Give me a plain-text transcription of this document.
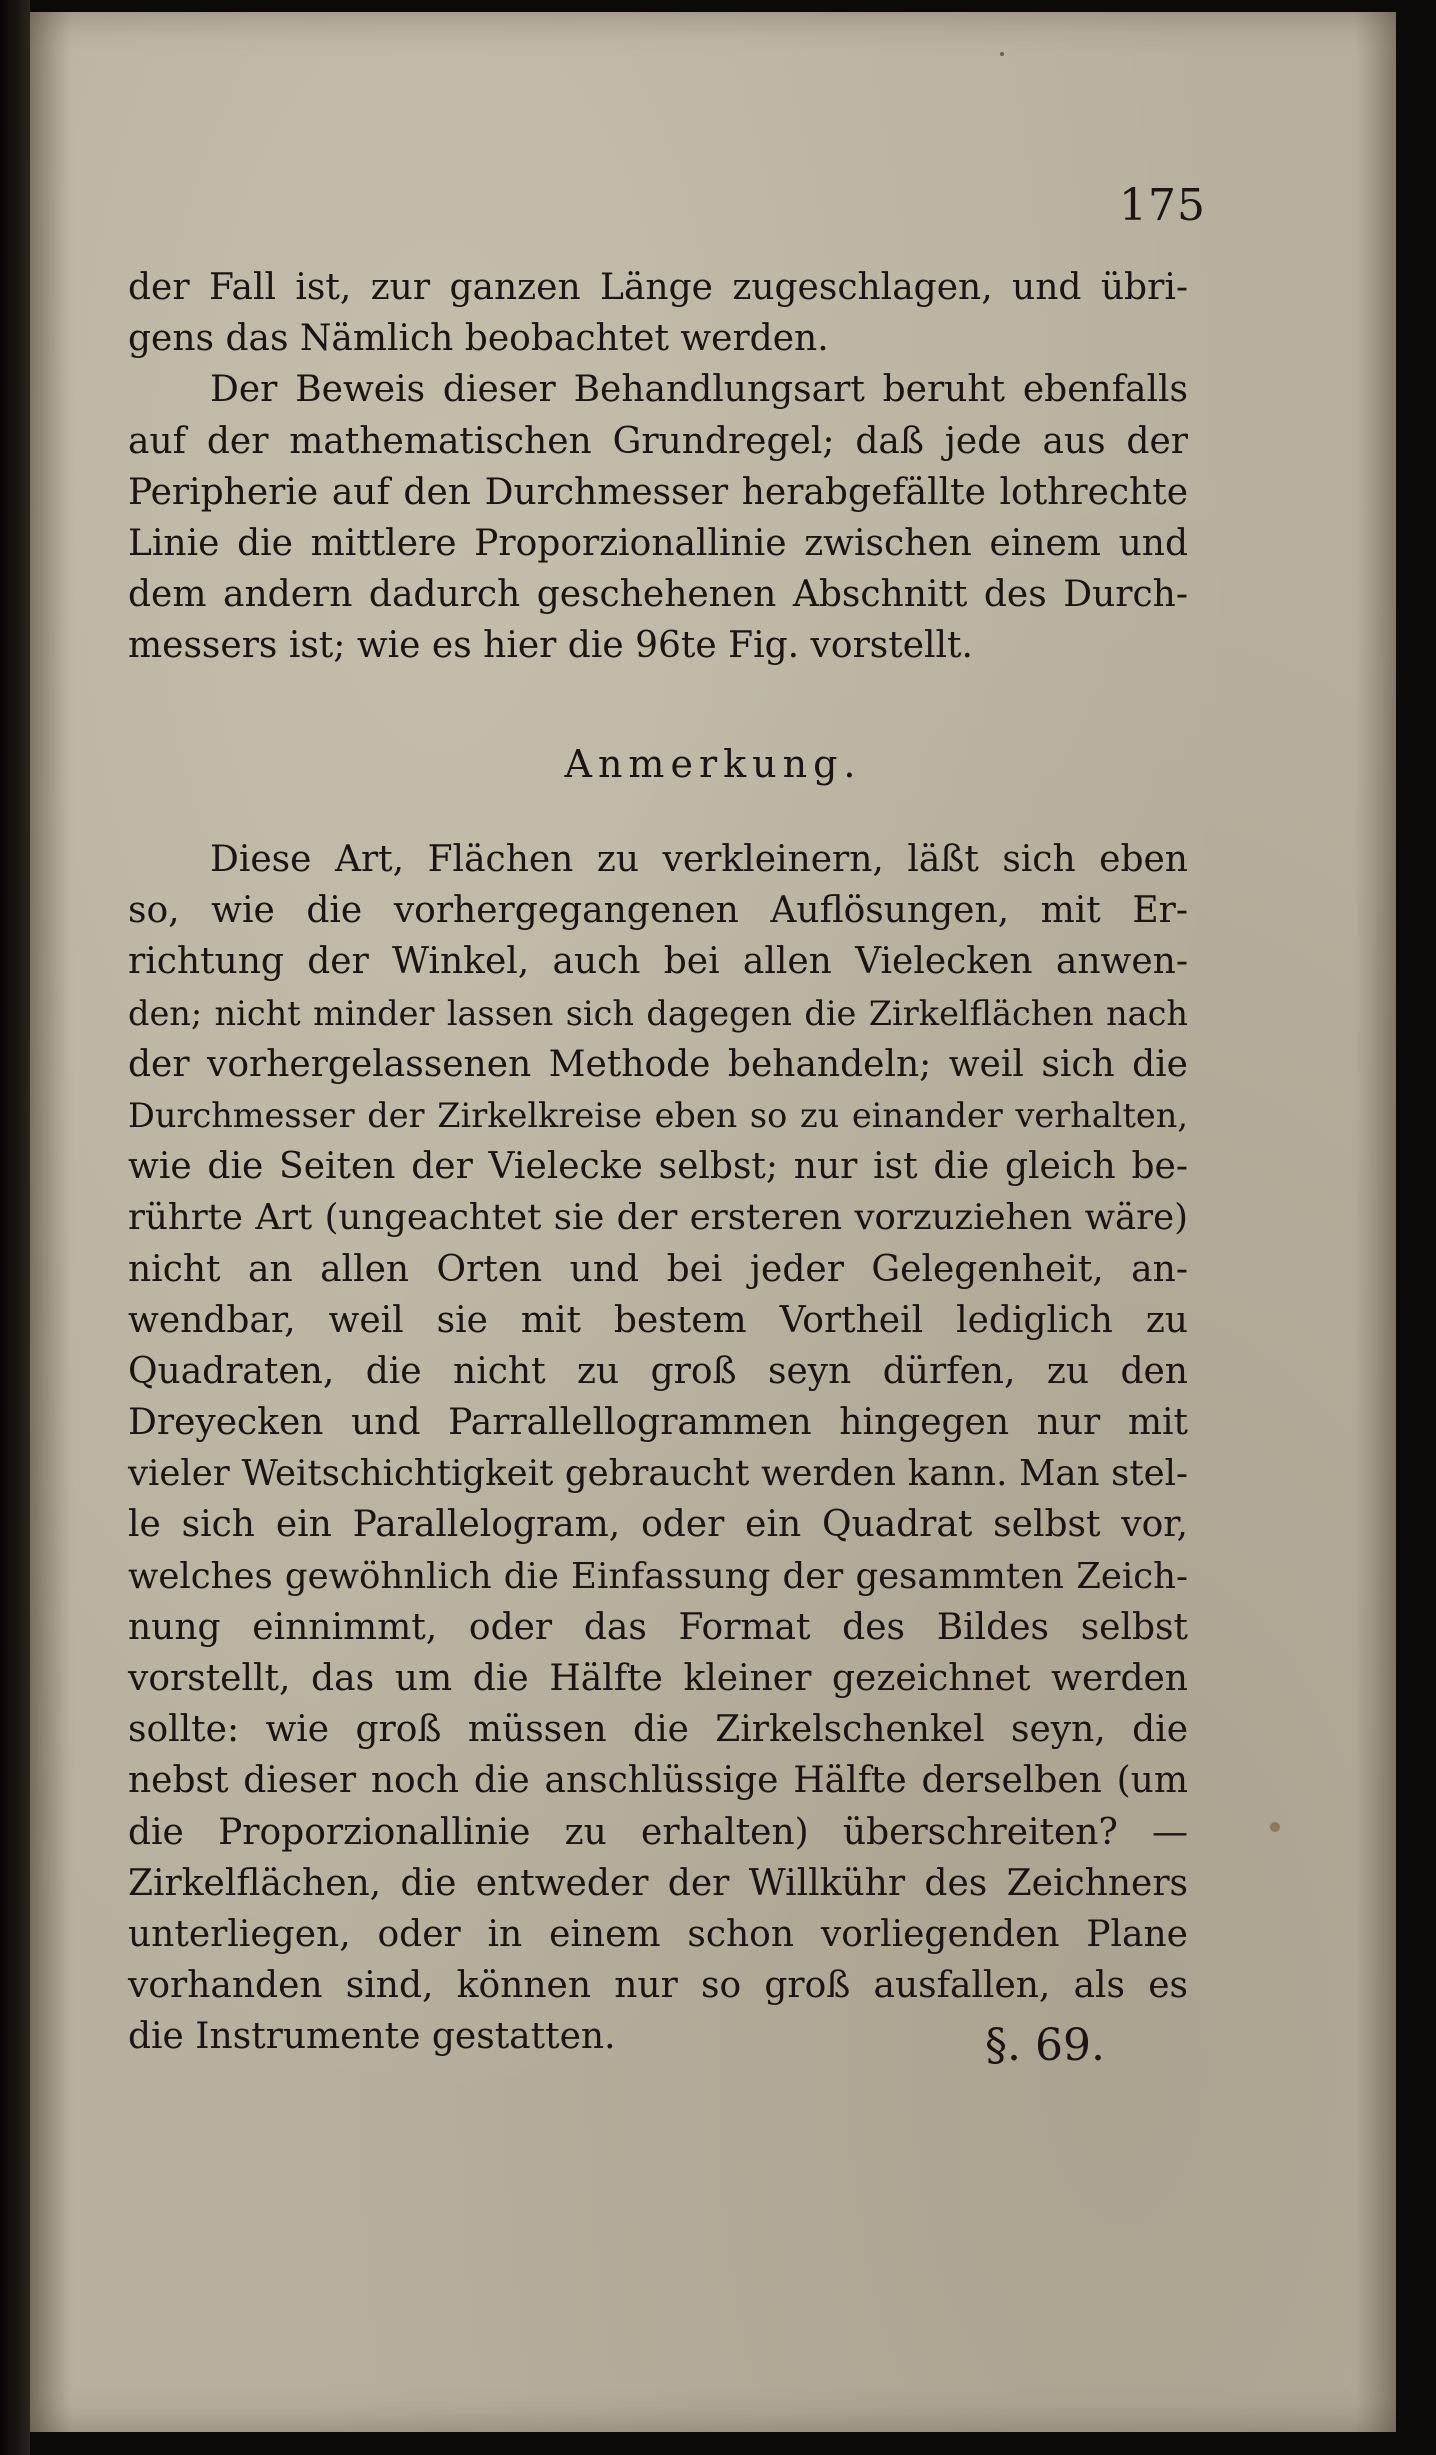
175
der Fall ist, zur ganzen Länge zugeschlagen, und übri-
gens das Nämlich beobachtet werden.
Der Beweis dieser Behandlungsart beruht ebenfalls
auf der mathematischen Grundregel; daß jede aus der
Peripherie auf den Durchmesser herabgefällte lothrechte
Linie die mittlere Proporzionallinie zwischen einem und
dem andern dadurch geschehenen Abschnitt des Durch-
messers ist; wie es hier die 96te Fig. vorstellt.
Anmerkung.
Diese Art, Flächen zu verkleinern, läßt sich eben
so, wie die vorhergegangenen Auflösungen, mit Er-
richtung der Winkel, auch bei allen Vielecken anwen-
den; nicht minder lassen sich dagegen die Zirkelflächen nach
der vorhergelassenen Methode behandeln; weil sich die
Durchmesser der Zirkelkreise eben so zu einander verhalten,
wie die Seiten der Vielecke selbst; nur ist die gleich be-
rührte Art (ungeachtet sie der ersteren vorzuziehen wäre)
nicht an allen Orten und bei jeder Gelegenheit, an-
wendbar, weil sie mit bestem Vortheil lediglich zu
Quadraten, die nicht zu groß seyn dürfen, zu den
Dreyecken und Parrallellogrammen hingegen nur mit
vieler Weitschichtigkeit gebraucht werden kann. Man stel-
le sich ein Parallelogram, oder ein Quadrat selbst vor,
welches gewöhnlich die Einfassung der gesammten Zeich-
nung einnimmt, oder das Format des Bildes selbst
vorstellt, das um die Hälfte kleiner gezeichnet werden
sollte: wie groß müssen die Zirkelschenkel seyn, die
nebst dieser noch die anschlüssige Hälfte derselben (um
die Proporzionallinie zu erhalten) überschreiten? —
Zirkelflächen, die entweder der Willkühr des Zeichners
unterliegen, oder in einem schon vorliegenden Plane
vorhanden sind, können nur so groß ausfallen, als es
die Instrumente gestatten.	§. 69.
